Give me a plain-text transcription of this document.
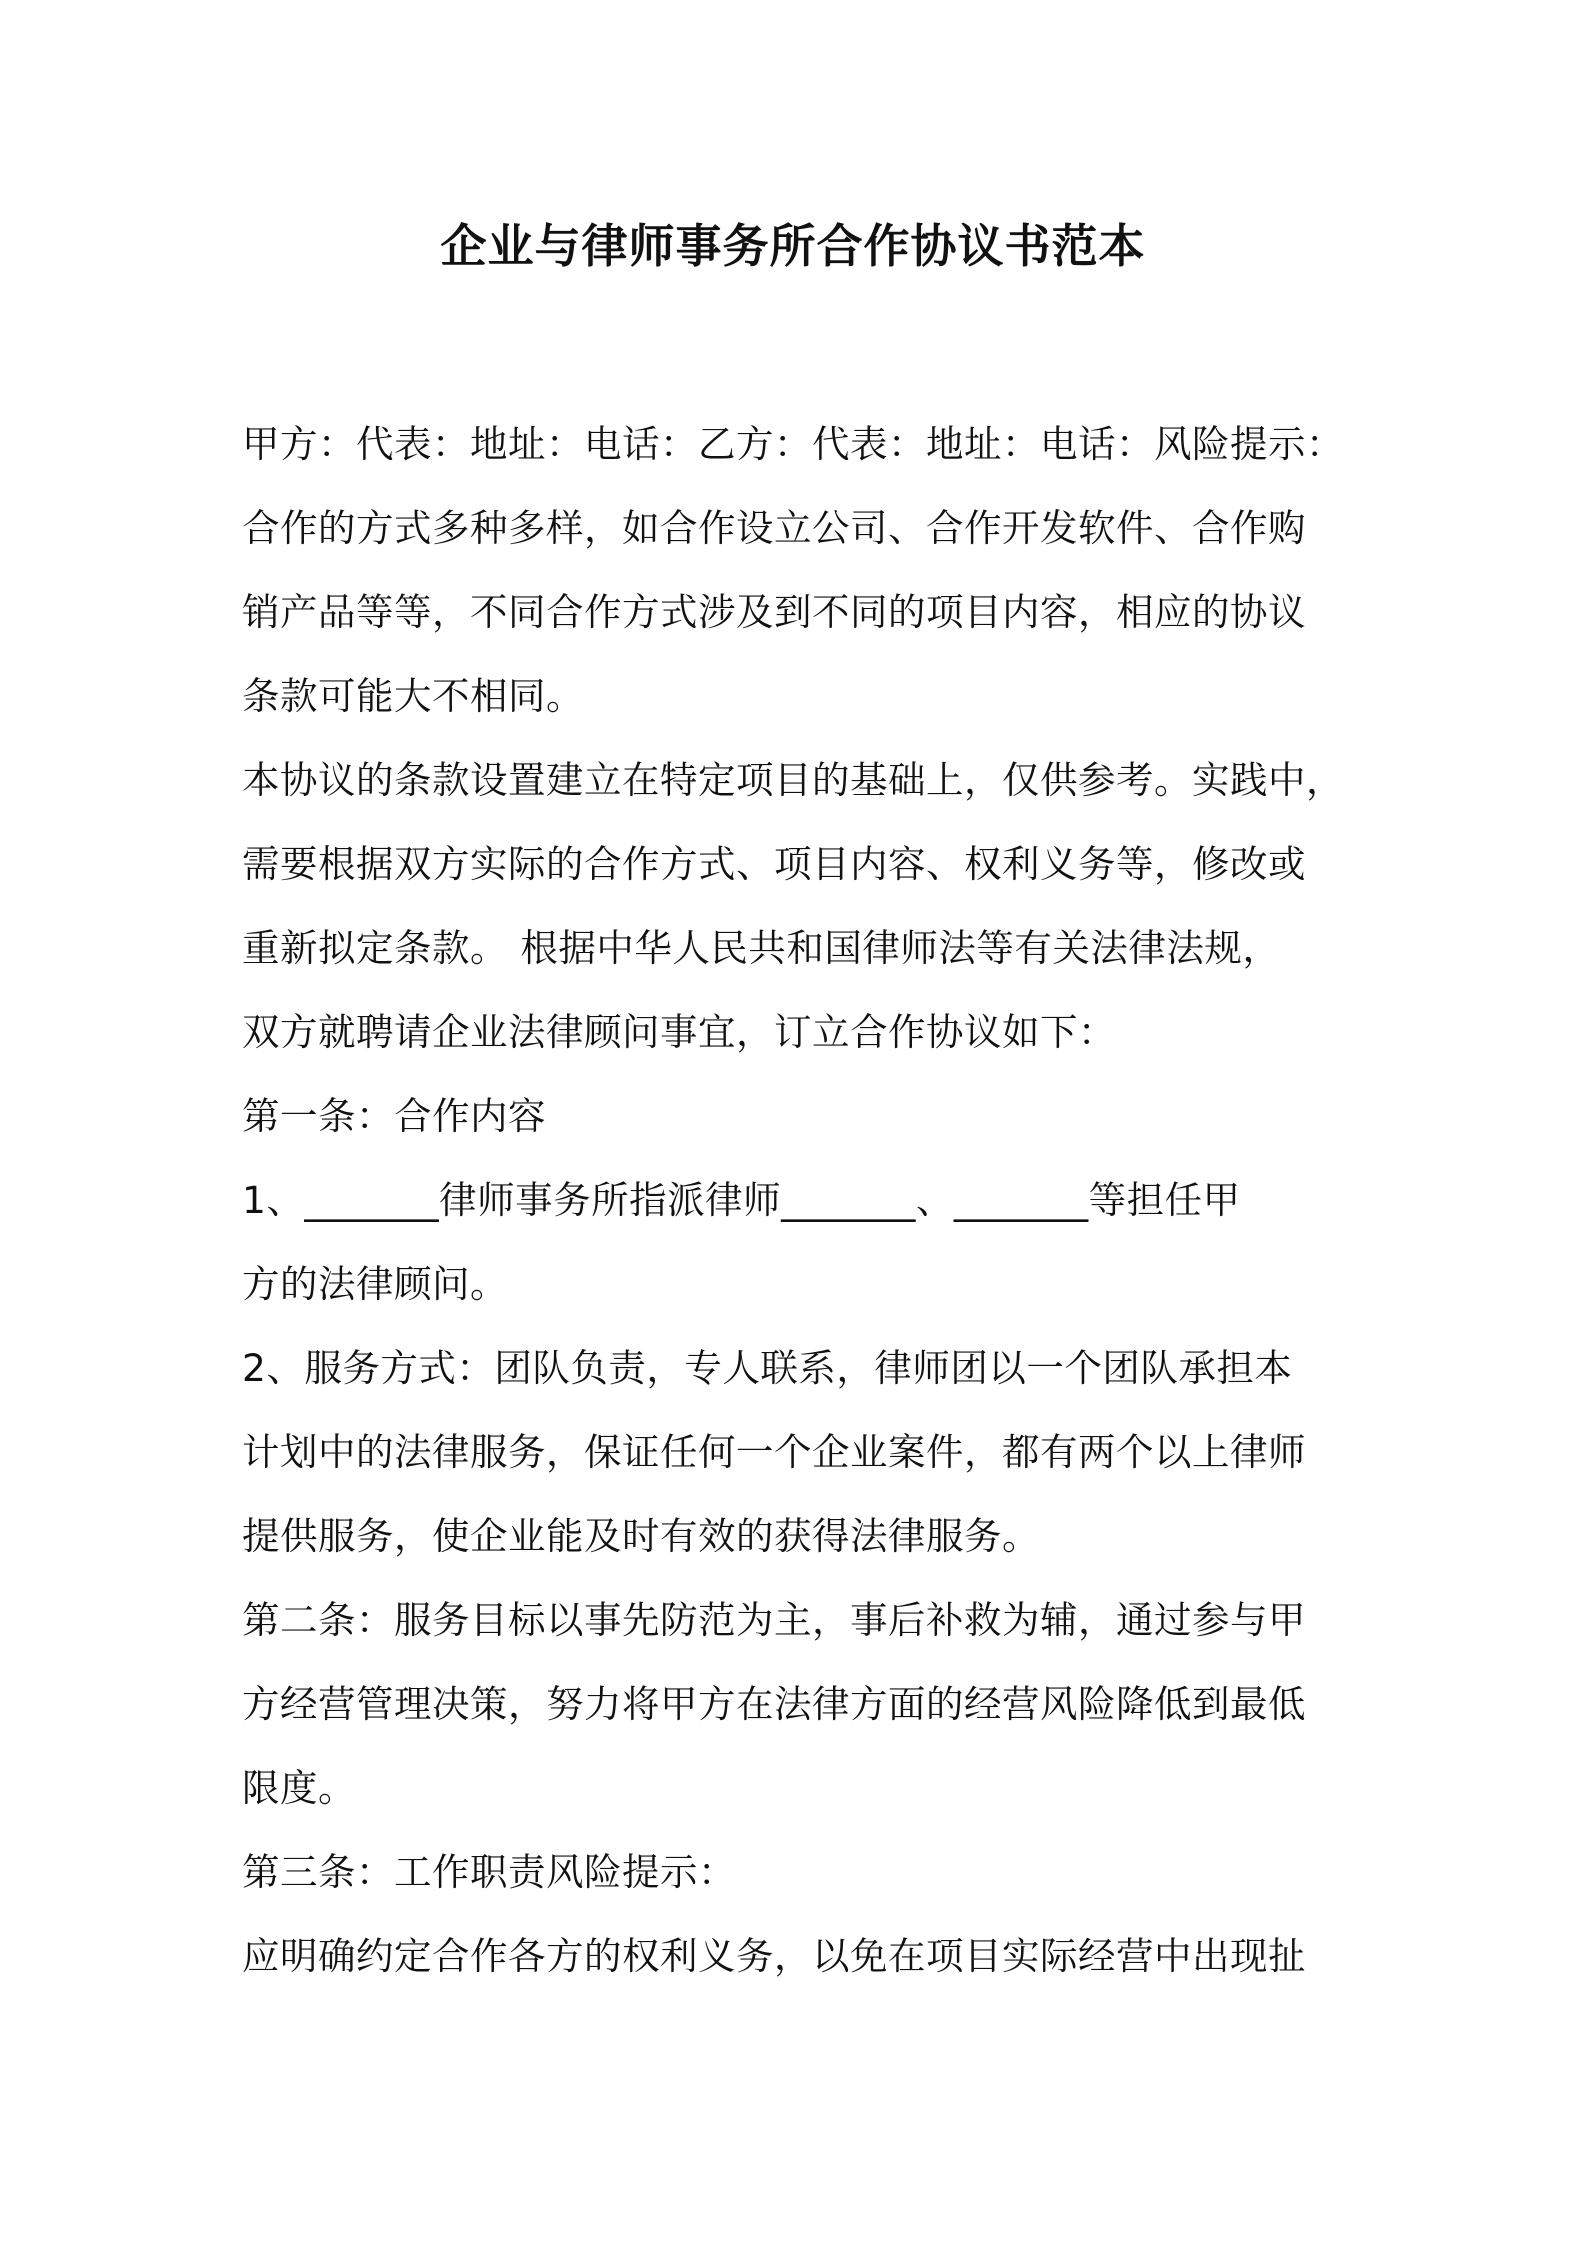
企业与律师事务所合作协议书范本
甲方：代表：地址：电话：乙方：代表：地址：电话：风险提示：
合作的方式多种多样，如合作设立公司、合作开发软件、合作购
销产品等等，不同合作方式涉及到不同的项目内容，相应的协议
条款可能大不相同。
本协议的条款设置建立在特定项目的基础上，仅供参考。实践中，
需要根据双方实际的合作方式、项目内容、权利义务等，修改或
重新拟定条款。 根据中华人民共和国律师法等有关法律法规，
双方就聘请企业法律顾问事宜，订立合作协议如下：
第一条：合作内容
1、_______律师事务所指派律师_______、_______等担任甲
方的法律顾问。
2、服务方式：团队负责，专人联系，律师团以一个团队承担本
计划中的法律服务，保证任何一个企业案件，都有两个以上律师
提供服务，使企业能及时有效的获得法律服务。
第二条：服务目标以事先防范为主，事后补救为辅，通过参与甲
方经营管理决策，努力将甲方在法律方面的经营风险降低到最低
限度。
第三条：工作职责风险提示：
应明确约定合作各方的权利义务，以免在项目实际经营中出现扯
